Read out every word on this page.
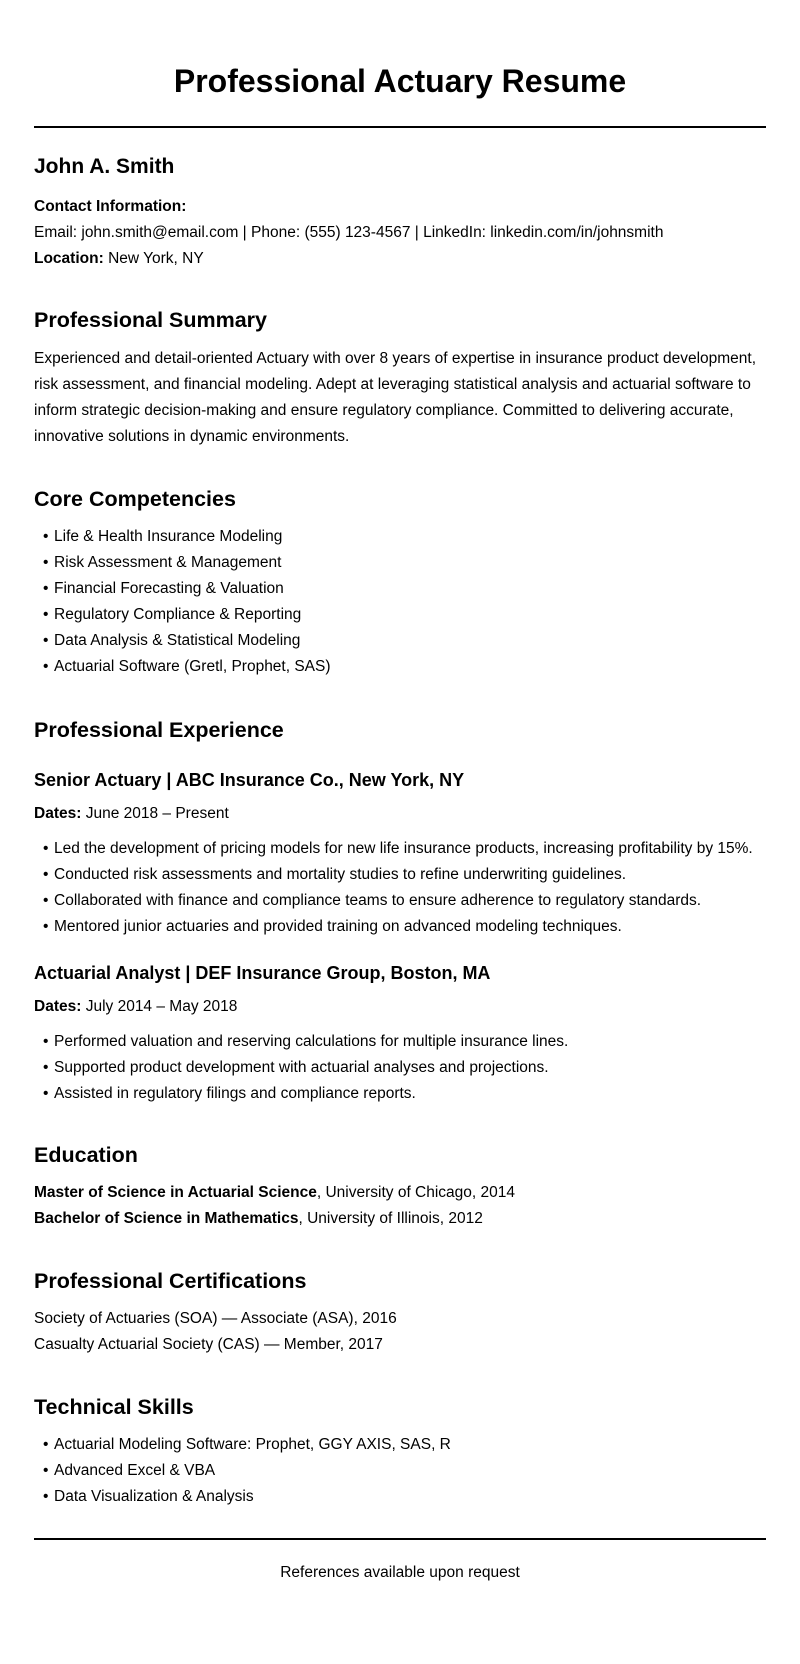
Professional Actuary Resume
John A. Smith

Contact Information:

Email: john.smith@email.com | Phone: (555) 123-4567 | LinkedIn: linkedin.com/in/johnsmith

Location: New York, NY

Professional Summary

Experienced and detail-oriented Actuary with over 8 years of expertise in insurance product development, risk assessment, and financial modeling. Adept at leveraging statistical analysis and actuarial software to inform strategic decision-making and ensure regulatory compliance. Committed to delivering accurate, innovative solutions in dynamic environments.

Core Competencies
• Life & Health Insurance Modeling
• Risk Assessment & Management
• Financial Forecasting & Valuation
• Regulatory Compliance & Reporting
• Data Analysis & Statistical Modeling
• Actuarial Software (Gretl, Prophet, SAS)
Professional Experience
Senior Actuary | ABC Insurance Co., New York, NY

Dates: June 2018 – Present

• Led the development of pricing models for new life insurance products, increasing profitability by 15%.
• Conducted risk assessments and mortality studies to refine underwriting guidelines.
• Collaborated with finance and compliance teams to ensure adherence to regulatory standards.
• Mentored junior actuaries and provided training on advanced modeling techniques.
Actuarial Analyst | DEF Insurance Group, Boston, MA

Dates: July 2014 – May 2018

• Performed valuation and reserving calculations for multiple insurance lines.
• Supported product development with actuarial analyses and projections.
• Assisted in regulatory filings and compliance reports.
Education

Master of Science in Actuarial Science, University of Chicago, 2014

Bachelor of Science in Mathematics, University of Illinois, 2012

Professional Certifications

Society of Actuaries (SOA) — Associate (ASA), 2016

Casualty Actuarial Society (CAS) — Member, 2017

Technical Skills
• Actuarial Modeling Software: Prophet, GGY AXIS, SAS, R
• Advanced Excel & VBA
• Data Visualization & Analysis

References available upon request
